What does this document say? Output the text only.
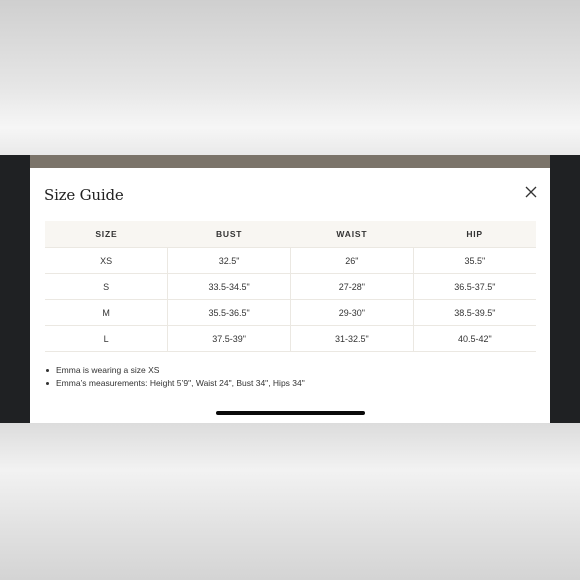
Size Guide
SIZE	BUST	WAIST	HIP
XS	32.5"	26"	35.5"
S	33.5-34.5"	27-28"	36.5-37.5"
M	35.5-36.5"	29-30"	38.5-39.5"
L	37.5-39"	31-32.5"	40.5-42"
Emma is wearing a size XS
Emma’s measurements: Height 5’9", Waist 24", Bust 34", Hips 34"
